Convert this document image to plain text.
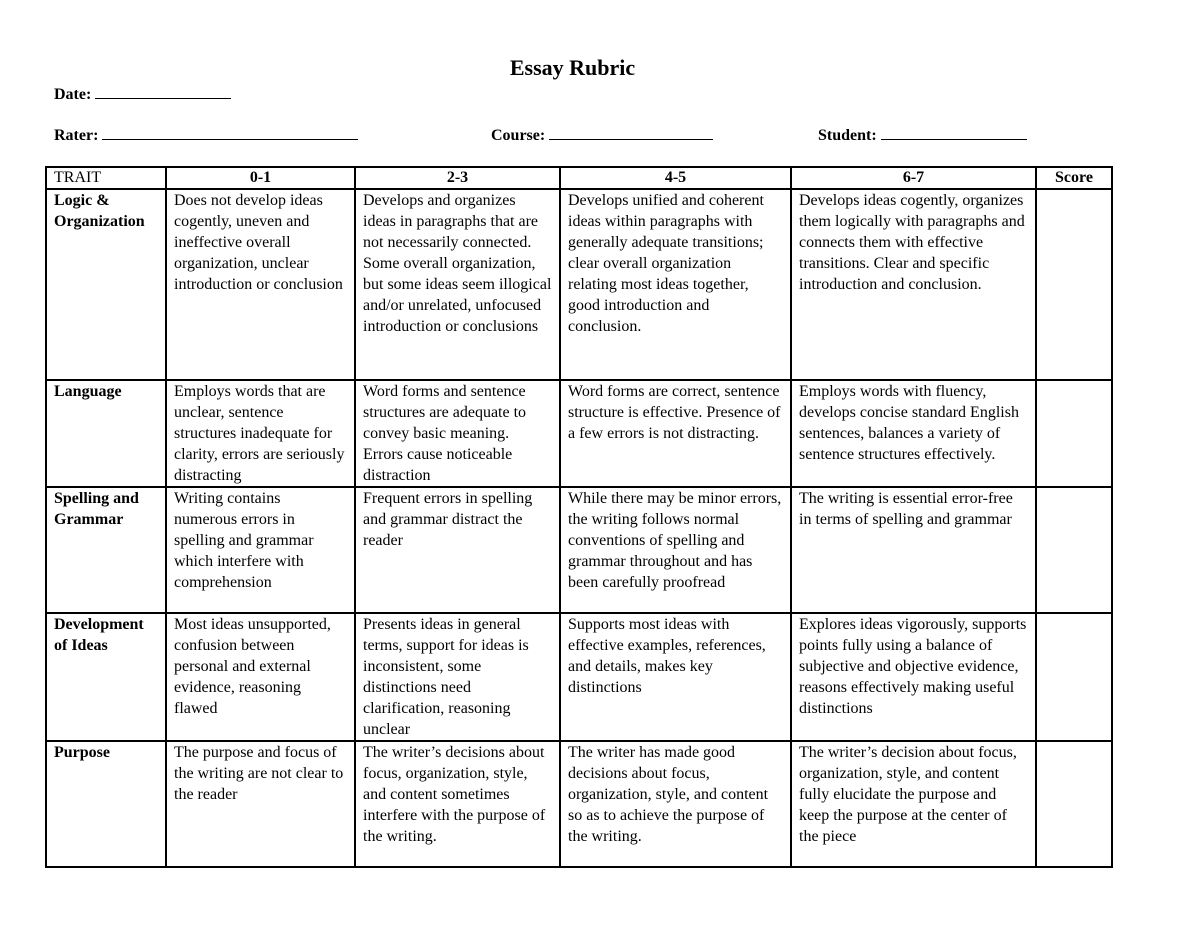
Essay Rubric
Date:
Rater:	Course:	Student:
TRAIT	0-1	2-3	4-5	6-7	Score
Logic & Organization	Does not develop ideas cogently, uneven and ineffective overall organization, unclear introduction or conclusion	Develops and organizes ideas in paragraphs that are not necessarily connected. Some overall organization, but some ideas seem illogical and/or unrelated, unfocused introduction or conclusions	Develops unified and coherent ideas within paragraphs with generally adequate transitions; clear overall organization relating most ideas together, good introduction and conclusion.	Develops ideas cogently, organizes them logically with paragraphs and connects them with effective transitions. Clear and specific introduction and conclusion.	
Language	Employs words that are unclear, sentence structures inadequate for clarity, errors are seriously distracting	Word forms and sentence structures are adequate to convey basic meaning. Errors cause noticeable distraction	Word forms are correct, sentence structure is effective. Presence of a few errors is not distracting.	Employs words with fluency, develops concise standard English sentences, balances a variety of sentence structures effectively.	
Spelling and Grammar	Writing contains numerous errors in spelling and grammar which interfere with comprehension	Frequent errors in spelling and grammar distract the reader	While there may be minor errors, the writing follows normal conventions of spelling and grammar throughout and has been carefully proofread	The writing is essential error-free in terms of spelling and grammar	
Development of Ideas	Most ideas unsupported, confusion between personal and external evidence, reasoning flawed	Presents ideas in general terms, support for ideas is inconsistent, some distinctions need clarification, reasoning unclear	Supports most ideas with effective examples, references, and details, makes key distinctions	Explores ideas vigorously, supports points fully using a balance of subjective and objective evidence, reasons effectively making useful distinctions	
Purpose	The purpose and focus of the writing are not clear to the reader	The writer’s decisions about focus, organization, style, and content sometimes interfere with the purpose of the writing.	The writer has made good decisions about focus, organization, style, and content so as to achieve the purpose of the writing.	The writer’s decision about focus, organization, style, and content fully elucidate the purpose and keep the purpose at the center of the piece	
